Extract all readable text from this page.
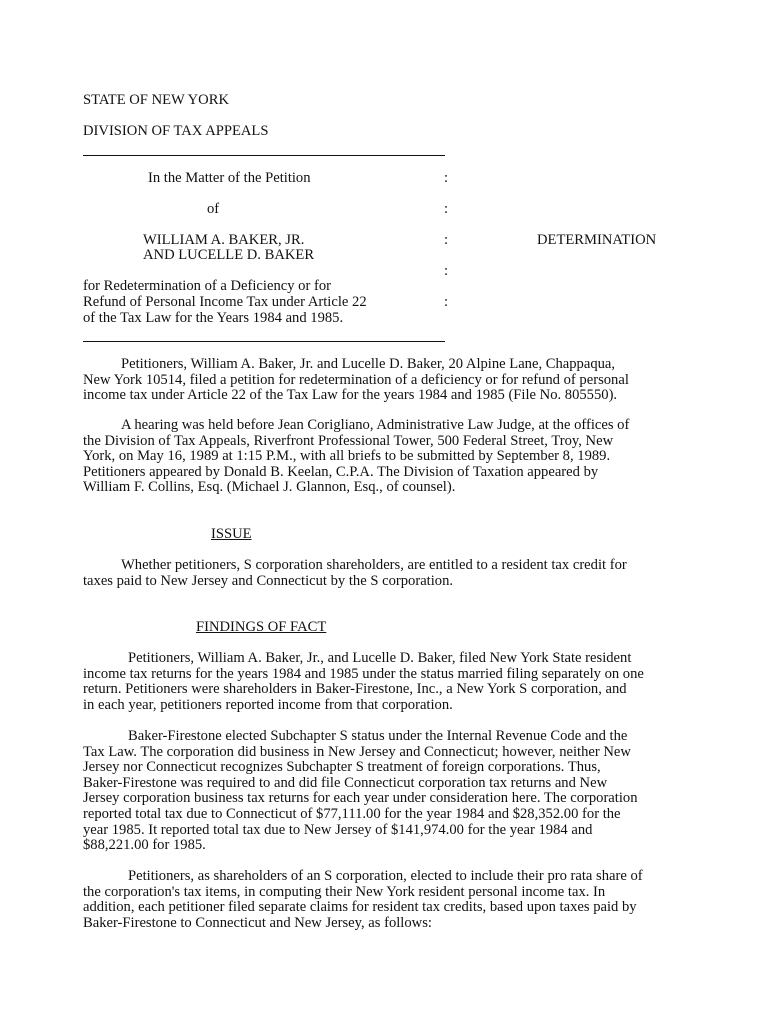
STATE OF NEW YORK
DIVISION OF TAX APPEALS
In the Matter of the Petition
of
WILLIAM A. BAKER, JR.
AND LUCELLE D. BAKER
for Redetermination of a Deficiency or for
Refund of Personal Income Tax under Article 22
of the Tax Law for the Years 1984 and 1985.
:
:
:
:
:
DETERMINATION
Petitioners, William A. Baker, Jr. and Lucelle D. Baker, 20 Alpine Lane, Chappaqua,
New York 10514, filed a petition for redetermination of a deficiency or for refund of personal
income tax under Article 22 of the Tax Law for the years 1984 and 1985 (File No. 805550).
A hearing was held before Jean Corigliano, Administrative Law Judge, at the offices of
the Division of Tax Appeals, Riverfront Professional Tower, 500 Federal Street, Troy, New
York, on May 16, 1989 at 1:15 P.M., with all briefs to be submitted by September 8, 1989.
Petitioners appeared by Donald B. Keelan, C.P.A. The Division of Taxation appeared by
William F. Collins, Esq. (Michael J. Glannon, Esq., of counsel).
ISSUE
Whether petitioners, S corporation shareholders, are entitled to a resident tax credit for
taxes paid to New Jersey and Connecticut by the S corporation.
FINDINGS OF FACT
Petitioners, William A. Baker, Jr., and Lucelle D. Baker, filed New York State resident
income tax returns for the years 1984 and 1985 under the status married filing separately on one
return. Petitioners were shareholders in Baker-Firestone, Inc., a New York S corporation, and
in each year, petitioners reported income from that corporation.
Baker-Firestone elected Subchapter S status under the Internal Revenue Code and the
Tax Law. The corporation did business in New Jersey and Connecticut; however, neither New
Jersey nor Connecticut recognizes Subchapter S treatment of foreign corporations. Thus,
Baker-Firestone was required to and did file Connecticut corporation tax returns and New
Jersey corporation business tax returns for each year under consideration here. The corporation
reported total tax due to Connecticut of $77,111.00 for the year 1984 and $28,352.00 for the
year 1985. It reported total tax due to New Jersey of $141,974.00 for the year 1984 and
$88,221.00 for 1985.
Petitioners, as shareholders of an S corporation, elected to include their pro rata share of
the corporation's tax items, in computing their New York resident personal income tax. In
addition, each petitioner filed separate claims for resident tax credits, based upon taxes paid by
Baker-Firestone to Connecticut and New Jersey, as follows:
